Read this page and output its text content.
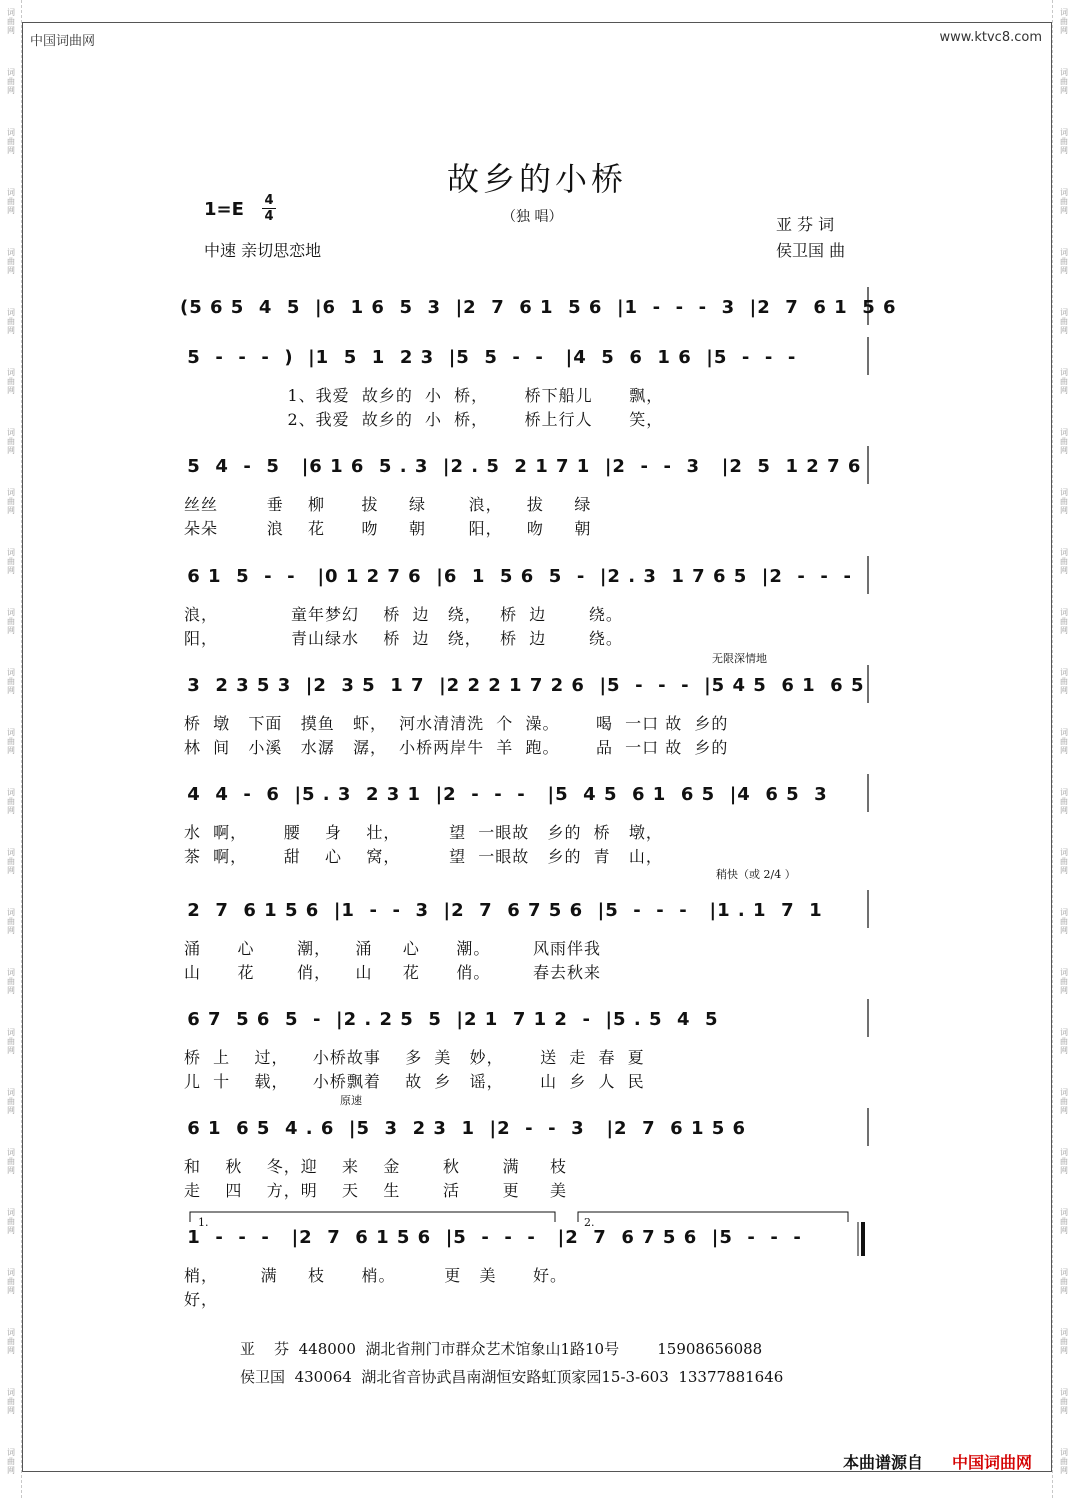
词
曲
网
词
曲
网
词
曲
网
词
曲
网
词
曲
网
词
曲
网
词
曲
网
词
曲
网
词
曲
网
词
曲
网
词
曲
网
词
曲
网
词
曲
网
词
曲
网
词
曲
网
词
曲
网
词
曲
网
词
曲
网
词
曲
网
词
曲
网
词
曲
网
词
曲
网
词
曲
网
词
曲
网
词
曲
网
词
曲
网
词
曲
网
词
曲
网
词
曲
网
词
曲
网
词
曲
网
词
曲
网
词
曲
网
词
曲
网
词
曲
网
词
曲
网
词
曲
网
词
曲
网
词
曲
网
词
曲
网
词
曲
网
词
曲
网
词
曲
网
词
曲
网
词
曲
网
词
曲
网
词
曲
网
词
曲
网
词
曲
网
词
曲
网
中国词曲网	www.ktvc8.com
故乡的小桥
1=E 4
4	（独 唱）
中速 亲切思恋地
亚 芬 词
侯卫国 曲
(5 6 5  4  5  |6  1 6  5  3  |2  7  6 1  5 6  |1  -  -  -  3  |2  7  6 1  5 6
5  -  -  -  )  |1  5  1  2 3  |5  5  -  -   |4  5  6  1 6  |5  -  -  -
1、我爱  故乡的  小  桥，      桥下船儿      飘，
2、我爱  故乡的  小  桥，      桥上行人      笑，
5  4  -  5   |6 1 6  5 . 3  |2 . 5  2 1 7 1  |2  -  -  3   |2  5  1 2 7 6
丝丝        垂    柳      拔     绿       浪，    拔     绿
朵朵        浪    花      吻     朝       阳，    吻     朝
6 1  5  -  -   |0 1 2 7 6  |6  1  5 6  5  -  |2 . 3  1 7 6 5  |2  -  -  -
浪，            童年梦幻    桥  边   绕，   桥  边       绕。
阳，            青山绿水    桥  边   绕，   桥  边       绕。
3  2 3 5 3  |2  3 5  1 7  |2 2 2 1 7 2 6  |5  -  -  -  |5 4 5  6 1  6 5
桥  墩   下面   摸鱼   虾，  河水清清洗  个  澡。      喝  一口 故  乡的
林  间   小溪   水潺   潺，  小桥两岸牛  羊  跑。      品  一口 故  乡的
4  4  -  6  |5 . 3  2 3 1  |2  -  -  -   |5  4 5  6 1  6 5  |4  6 5  3
水  啊，      腰    身    壮，        望  一眼故   乡的  桥   墩，
茶  啊，      甜    心    窝，        望  一眼故   乡的  青   山，
2  7  6 1 5 6  |1  -  -  3  |2  7  6 7 5 6  |5  -  -  -   |1 . 1  7  1
涌      心       潮，    涌     心      潮。       风雨伴我
山      花       俏，    山     花      俏。       春去秋来
6 7  5 6  5  -  |2 . 2 5  5  |2 1  7 1 2  -  |5 . 5  4  5
桥  上    过，    小桥故事    多  美   妙，      送  走  春  夏
儿  十    载，    小桥飘着    故  乡   谣，      山  乡  人  民
6 1  6 5  4 . 6  |5  3  2 3  1  |2  -  -  3   |2  7  6 1 5 6
和    秋    冬，迎    来    金       秋       满     枝
走    四    方，明    天    生       活       更     美
1  -  -  -   |2  7  6 1 5 6  |5  -  -  -   |2  7  6 7 5 6  |5  -  -  -
梢，       满     枝      梢。        更   美      好。
好，
无限深情地
稍快（或 2/4 ）
原速
1.	2.
亚    芬 448000 湖北省荆门市群众艺术馆象山1路10号	15908656088
侯卫国 430064 湖北省音协武昌南湖恒安路虹顶家园15-3-603 13377881646
本曲谱源自 中国词曲网
